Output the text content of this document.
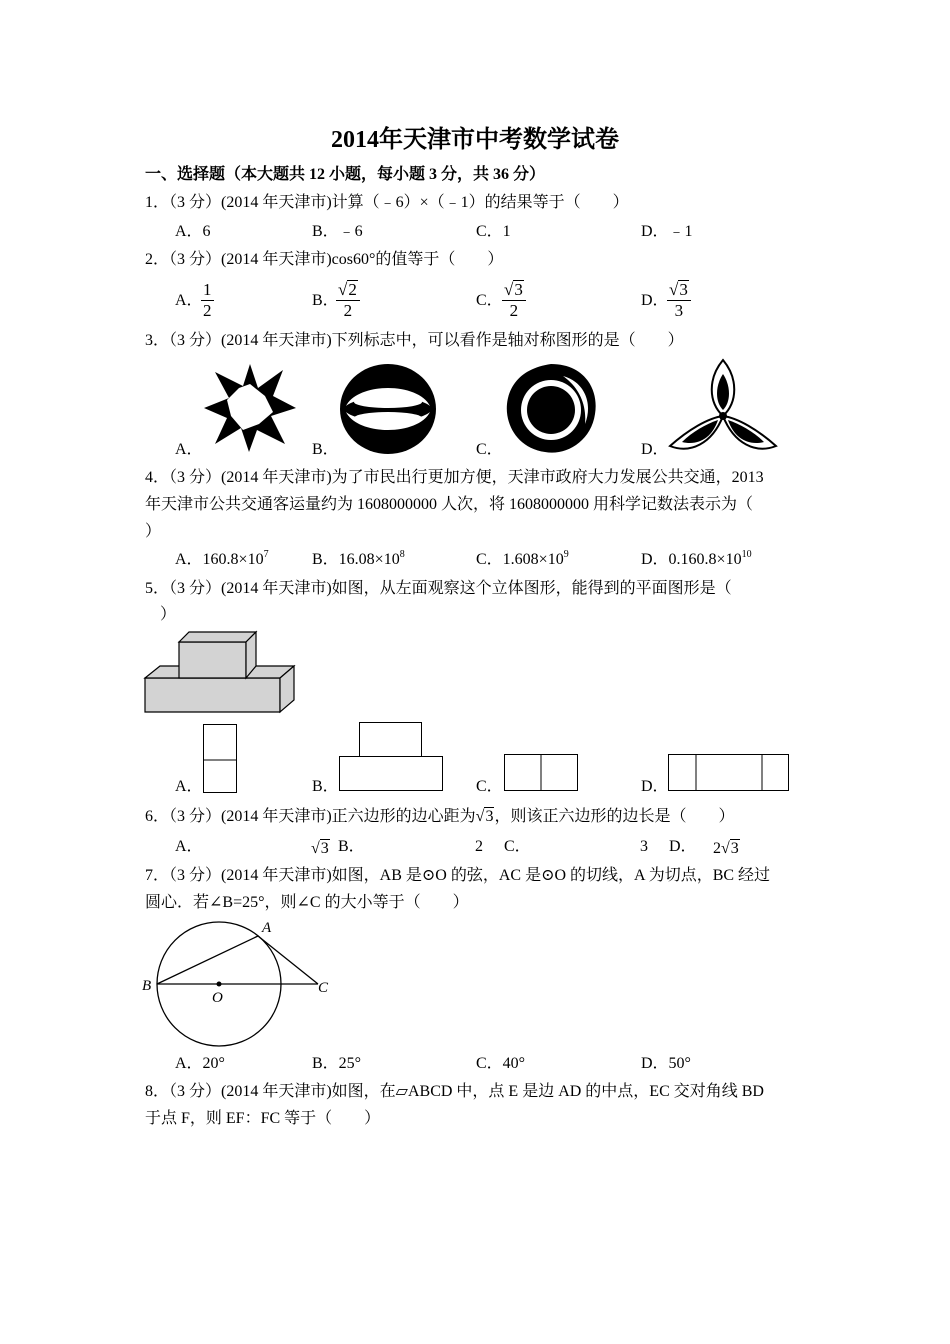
2014年天津市中考数学试卷
一、选择题（本大题共 12 小题，每小题 3 分，共 36 分）
1．（3 分）(2014 年天津市)计算（﹣6）×（﹣1）的结果等于（　　）
A．6	B．﹣6	C．1	D．﹣1
2．（3 分）(2014 年天津市)cos60°的值等于（　　）
A．
$\frac{1}{2}$	B．
$\frac{√2}{2}$	C． $\frac{√3}{2}$	D．
$\frac{√3}{3}$
3．（3 分）(2014 年天津市)下列标志中，可以看作是轴对称图形的是（　　）
A．	B．	C．	D．
4．（3 分）(2014 年天津市)为了市民出行更加方便，天津市政府大力发展公共交通，2013
年天津市公共交通客运量约为 1608000000 人次，将 1608000000 用科学记数法表示为（
）
A．$160.8\times 10^7$	B．$16.08\times 10^8$	C．$1.608\times 10^9$	D．$0.160.8\times 10^{10}$
5．（3 分）(2014 年天津市)如图，从左面观察这个立体图形，能得到的平面图形是（
）
A．	B．	C．	D．
6．（3 分）(2014 年天津市)正六边形的边心距为√3，则该正六边形的边长是（　　）
A．	√3 B．	2 C．	3 D． 2√3
7．（3 分）(2014 年天津市)如图，AB 是⊙O 的弦，AC 是⊙O 的切线，A 为切点，BC 经过
圆心．若∠B=25°，则∠C 的大小等于（　　）
A
B	C
O
A．20°	B．25°	C．40°	D．50°
8．（3 分）(2014 年天津市)如图，在▱ABCD 中，点 E 是边 AD 的中点，EC 交对角线 BD
于点 F，则 EF：FC 等于（　　）
